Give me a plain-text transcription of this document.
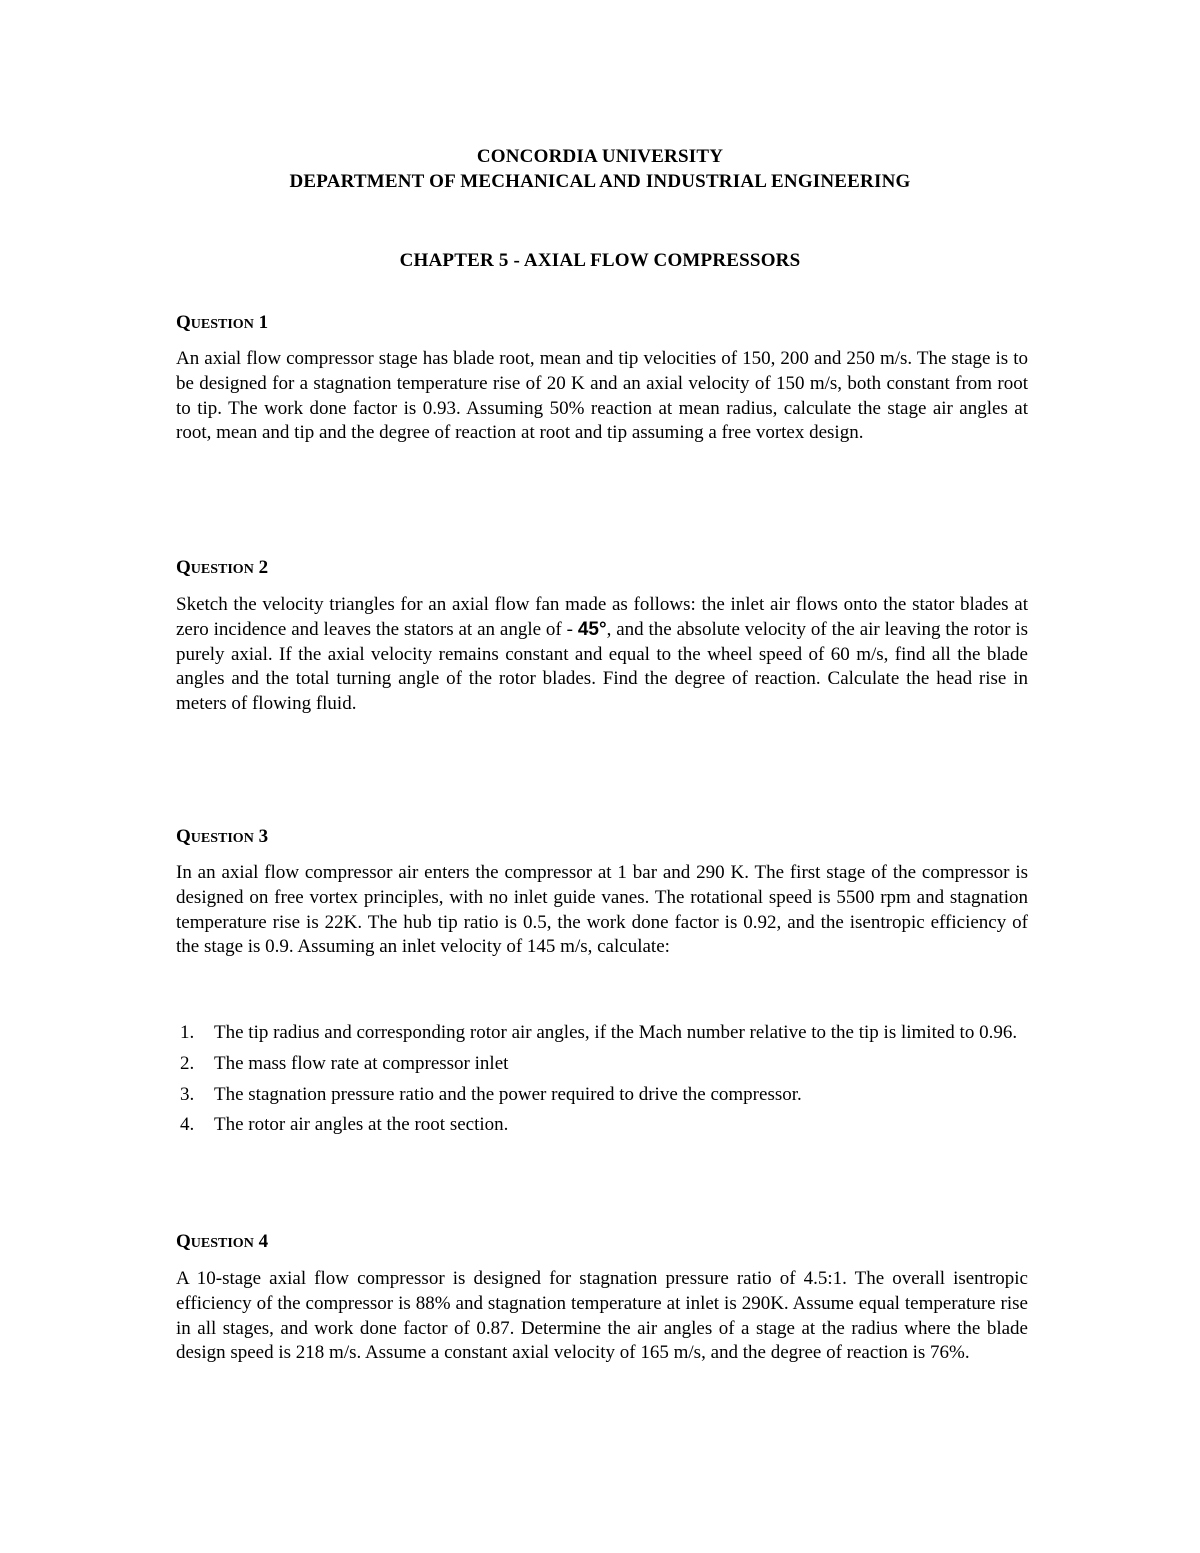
CONCORDIA UNIVERSITY
DEPARTMENT OF MECHANICAL AND INDUSTRIAL ENGINEERING
CHAPTER 5 - AXIAL FLOW COMPRESSORS
QUESTION 1
An axial flow compressor stage has blade root, mean and tip velocities of 150, 200 and 250 m/s. The stage is to be designed for a stagnation temperature rise of 20 K and an axial velocity of 150 m/s, both constant from root to tip. The work done factor is 0.93. Assuming 50% reaction at mean radius, calculate the stage air angles at root, mean and tip and the degree of reaction at root and tip assuming a free vortex design.
QUESTION 2
Sketch the velocity triangles for an axial flow fan made as follows: the inlet air flows onto the stator blades at zero incidence and leaves the stators at an angle of - 45°, and the absolute velocity of the air leaving the rotor is purely axial. If the axial velocity remains constant and equal to the wheel speed of 60 m/s, find all the blade angles and the total turning angle of the rotor blades. Find the degree of reaction. Calculate the head rise in meters of flowing fluid.
QUESTION 3
In an axial flow compressor air enters the compressor at 1 bar and 290 K. The first stage of the compressor is designed on free vortex principles, with no inlet guide vanes. The rotational speed is 5500 rpm and stagnation temperature rise is 22K. The hub tip ratio is 0.5, the work done factor is 0.92, and the isentropic efficiency of the stage is 0.9. Assuming an inlet velocity of 145 m/s, calculate:
1. The tip radius and corresponding rotor air angles, if the Mach number relative to the tip is limited to 0.96.
2. The mass flow rate at compressor inlet
3. The stagnation pressure ratio and the power required to drive the compressor.
4. The rotor air angles at the root section.
QUESTION 4
A 10-stage axial flow compressor is designed for stagnation pressure ratio of 4.5:1. The overall isentropic efficiency of the compressor is 88% and stagnation temperature at inlet is 290K. Assume equal temperature rise in all stages, and work done factor of 0.87. Determine the air angles of a stage at the radius where the blade design speed is 218 m/s. Assume a constant axial velocity of 165 m/s, and the degree of reaction is 76%.
